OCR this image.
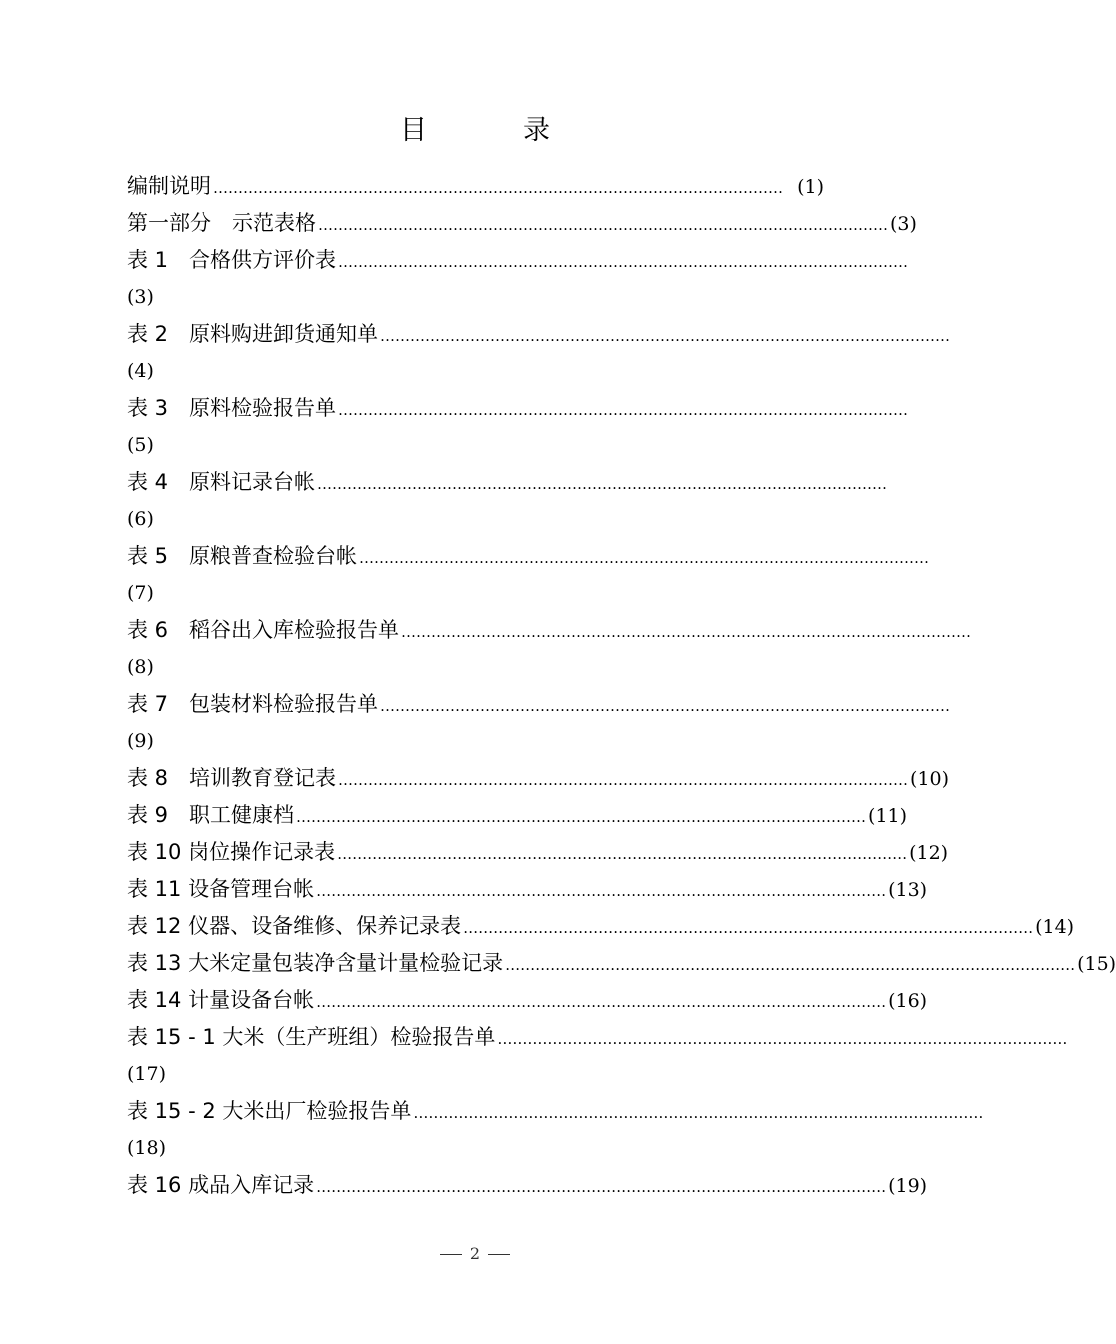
目	录
编制说明 …………………………………………………………………………………………………… (1)
第一部分　示范表格 …………………………………………………………………………………………………… (3)
表 1　合格供方评价表 ……………………………………………………………………………………………………
(3)
表 2　原料购进卸货通知单 ……………………………………………………………………………………………………
(4)
表 3　原料检验报告单 ……………………………………………………………………………………………………
(5)
表 4　原料记录台帐 ……………………………………………………………………………………………………
(6)
表 5　原粮普查检验台帐 ……………………………………………………………………………………………………
(7)
表 6　稻谷出入库检验报告单 ……………………………………………………………………………………………………
(8)
表 7　包装材料检验报告单 ……………………………………………………………………………………………………
(9)
表 8　培训教育登记表 …………………………………………………………………………………………………… (10)
表 9　职工健康档 …………………………………………………………………………………………………… (11)
表 10 岗位操作记录表 …………………………………………………………………………………………………… (12)
表 11 设备管理台帐 …………………………………………………………………………………………………… (13)
表 12 仪器、设备维修、保养记录表 …………………………………………………………………………………………………… (14)
表 13 大米定量包装净含量计量检验记录 …………………………………………………………………………………………………… (15)
表 14 计量设备台帐 …………………………………………………………………………………………………… (16)
表 15 - 1 大米（生产班组）检验报告单 ……………………………………………………………………………………………………
(17)
表 15 - 2 大米出厂检验报告单 ……………………………………………………………………………………………………
(18)
表 16 成品入库记录 …………………………………………………………………………………………………… (19)
2
